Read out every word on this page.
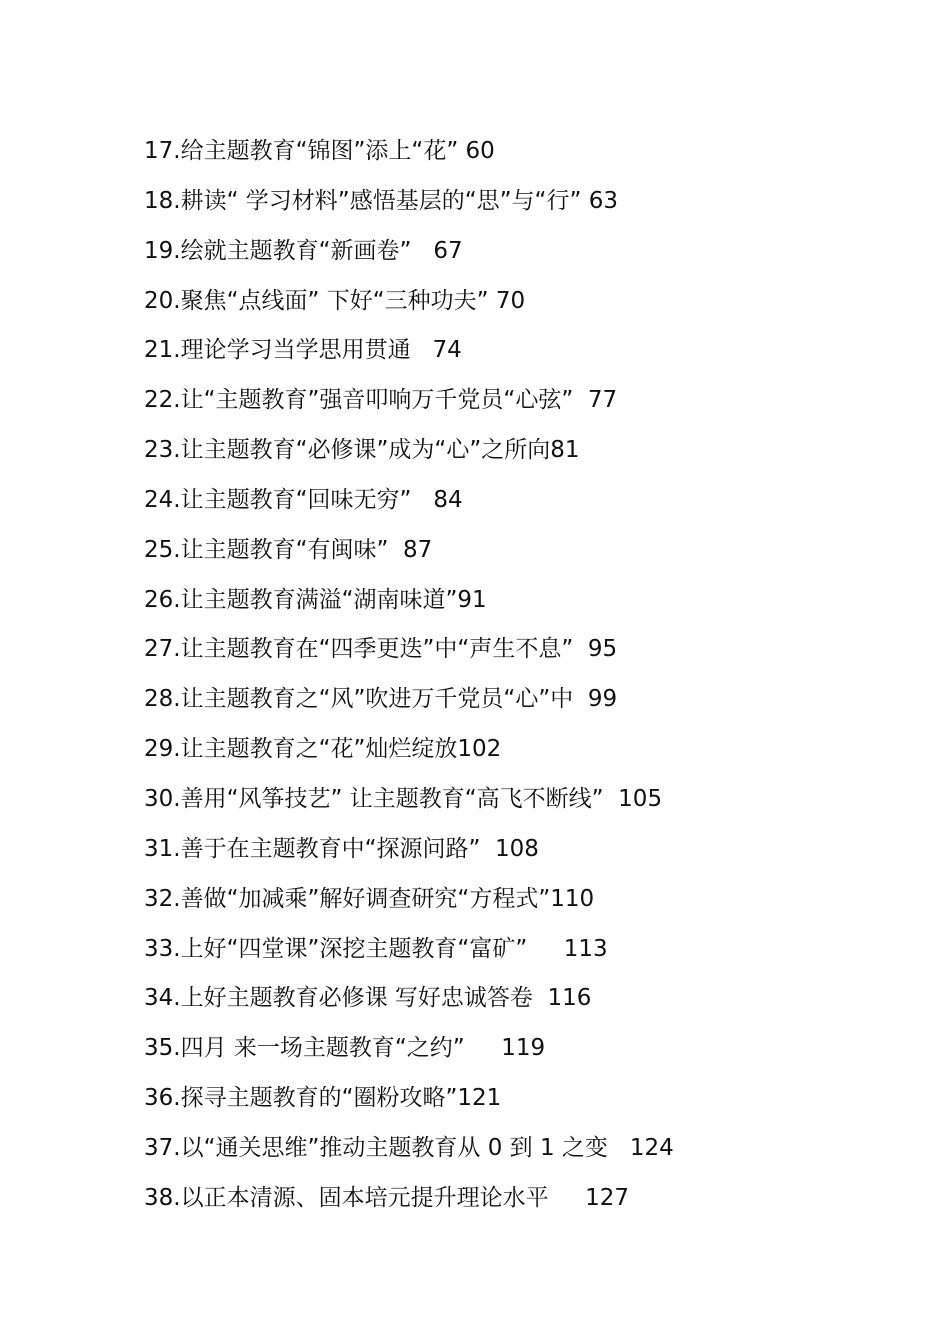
17.给主题教育“锦图”添上“花” 60
18.耕读“ 学习材料”感悟基层的“思”与“行” 63
19.绘就主题教育“新画卷”   67
20.聚焦“点线面” 下好“三种功夫” 70
21.理论学习当学思用贯通   74
22.让“主题教育”强音叩响万千党员“心弦”  77
23.让主题教育“必修课”成为“心”之所向81
24.让主题教育“回味无穷”   84
25.让主题教育“有闽味”  87
26.让主题教育满溢“湖南味道”91
27.让主题教育在“四季更迭”中“声生不息”  95
28.让主题教育之“风”吹进万千党员“心”中  99
29.让主题教育之“花”灿烂绽放102
30.善用“风筝技艺” 让主题教育“高飞不断线”  105
31.善于在主题教育中“探源问路”  108
32.善做“加减乘”解好调查研究“方程式”110
33.上好“四堂课”深挖主题教育“富矿”     113
34.上好主题教育必修课 写好忠诚答卷  116
35.四月 来一场主题教育“之约”     119
36.探寻主题教育的“圈粉攻略”121
37.以“通关思维”推动主题教育从 0 到 1 之变   124
38.以正本清源、固本培元提升理论水平     127
